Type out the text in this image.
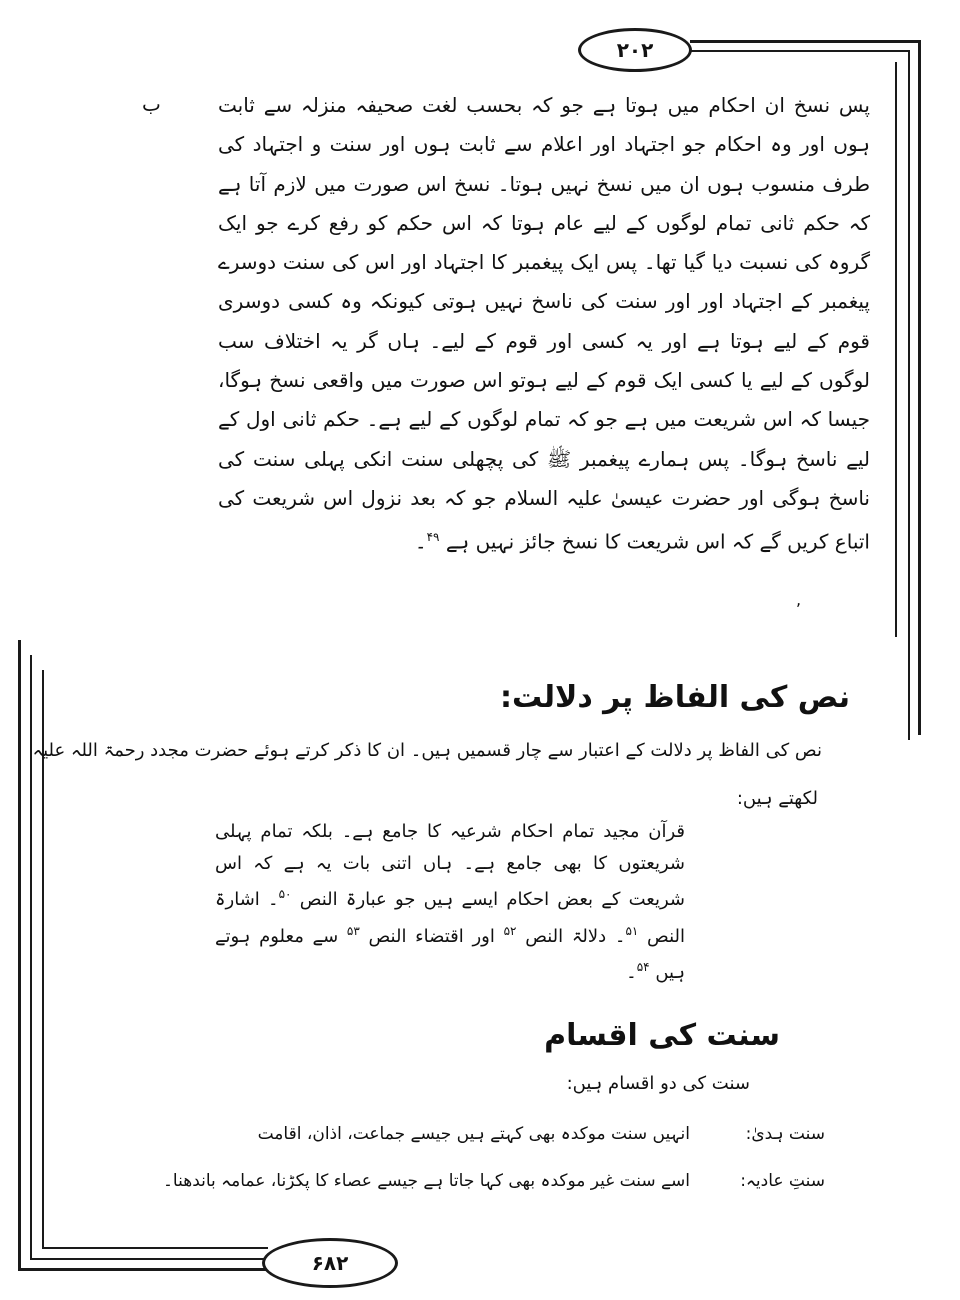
۲۰۲
۶۸۲
ب
,
پس نسخ ان احکام میں ہوتا ہے جو کہ بحسب لغت صحیفہ منزلہ سے ثابت ہوں اور وہ احکام جو اجتہاد اور اعلام سے ثابت ہوں اور سنت و اجتہاد کی طرف منسوب ہوں ان میں نسخ نہیں ہوتا۔ نسخ اس صورت میں لازم آتا ہے کہ حکم ثانی تمام لوگوں کے لیے عام ہوتا کہ اس حکم کو رفع کرے جو ایک گروہ کی نسبت دیا گیا تھا۔ پس ایک پیغمبر کا اجتہاد اور اس کی سنت دوسرے پیغمبر کے اجتہاد اور اور سنت کی ناسخ نہیں ہوتی کیونکہ وہ کسی دوسری قوم کے لیے ہوتا ہے اور یہ کسی اور قوم کے لیے۔ ہاں گر یہ اختلاف سب لوگوں کے لیے یا کسی ایک قوم کے لیے ہوتو اس صورت میں واقعی نسخ ہوگا، جیسا کہ اس شریعت میں ہے جو کہ تمام لوگوں کے لیے ہے۔ حکم ثانی اول کے لیے ناسخ ہوگا۔ پس ہمارے پیغمبر ﷺ کی پچھلی سنت انکی پہلی سنت کی ناسخ ہوگی اور حضرت عیسیٰ علیہ السلام جو کہ بعد نزول اس شریعت کی اتباع کریں گے کہ اس شریعت کا نسخ جائز نہیں ہے $^{۴۹}$۔
نص کی الفاظ پر دلالت:
نص کی الفاظ پر دلالت کے اعتبار سے چار قسمیں ہیں۔ ان کا ذکر کرتے ہوئے حضرت مجدد رحمۃ اللہ علیہ
لکھتے ہیں:
قرآن مجید تمام احکام شرعیہ کا جامع ہے۔ بلکہ تمام پہلی شریعتوں کا بھی جامع ہے۔ ہاں اتنی بات یہ ہے کہ اس شریعت کے بعض احکام ایسے ہیں جو عبارۃ النص $^{۵۰}$۔ اشارۃ النص $^{۵۱}$۔ دلالۃ النص $^{۵۲}$ اور اقتضاء النص $^{۵۳}$ سے معلوم ہوتے ہیں $^{۵۴}$۔
سنت کی اقسام
سنت کی دو اقسام ہیں:
سنت ہدیٰ:
انہیں سنت موکدہ بھی کہتے ہیں جیسے جماعت، اذان، اقامت
سنتِ عادیہ:
اسے سنت غیر موکدہ بھی کہا جاتا ہے جیسے عصاء کا پکڑنا، عمامہ باندھنا۔
